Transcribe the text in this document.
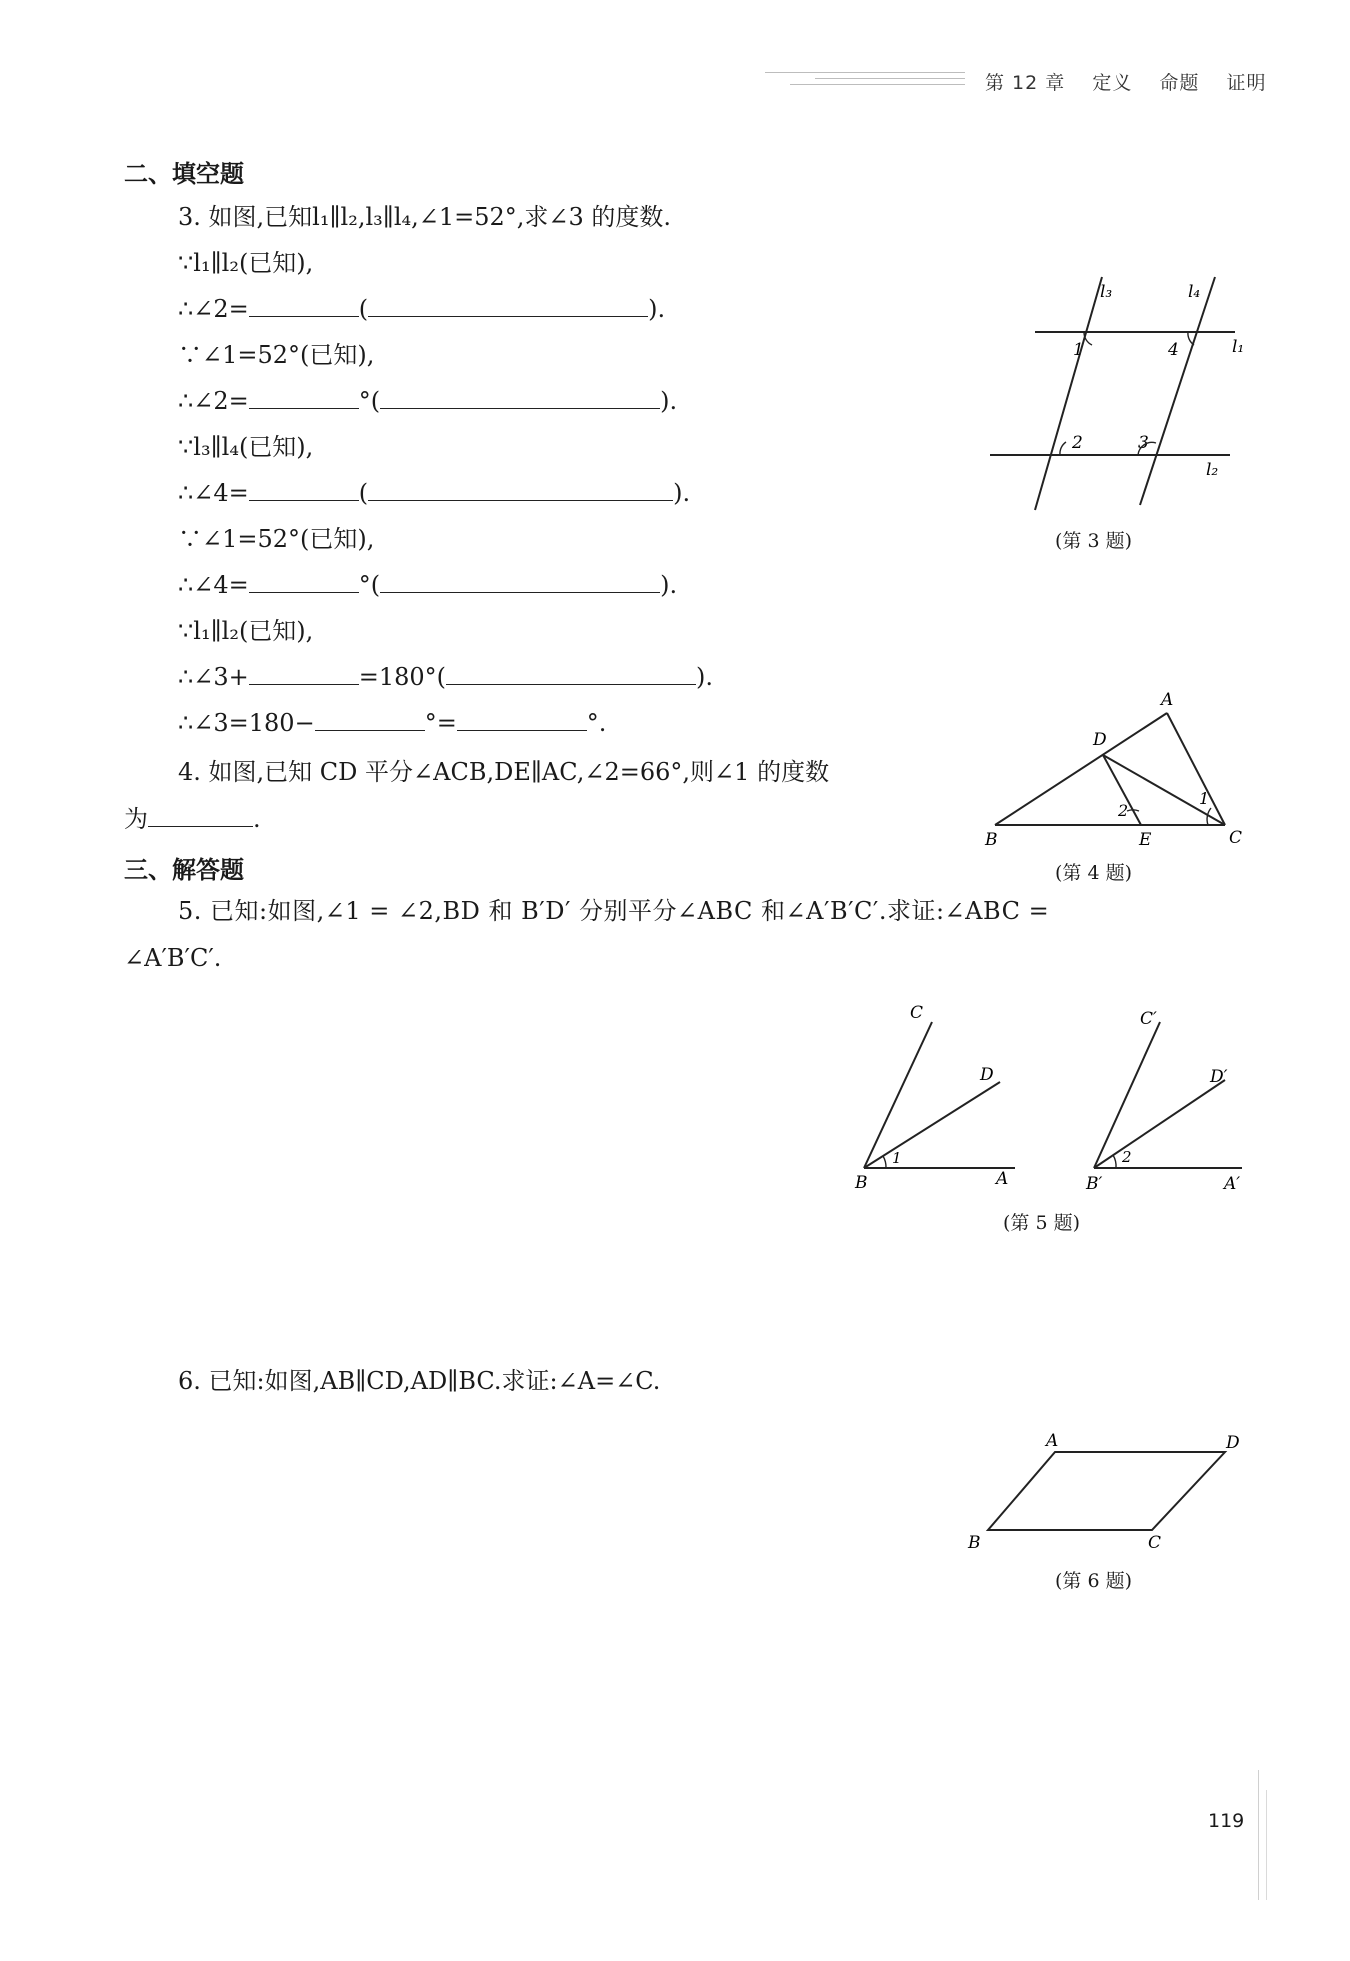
第 12 章 定义 命题 证明
二、填空题
3. 如图,已知l₁∥l₂,l₃∥l₄,∠1=52°,求∠3 的度数.
∵l₁∥l₂(已知),
∴∠2=	(	).
∵∠1=52°(已知),
∴∠2=	°(	).
∵l₃∥l₄(已知),
∴∠4=	(	).
∵∠1=52°(已知),
∴∠4=	°(	).
∵l₁∥l₂(已知),
∴∠3+	=180°(	).
∴∠3=180−	°=	°.
l₃	l₄
l₁
l₂
1	4
2	3
(第 3 题)
4. 如图,已知 CD 平分∠ACB,DE∥AC,∠2=66°,则∠1 的度数
为	.
A
D
B	E	C
1
2
(第 4 题)
三、解答题
5. 已知:如图,∠1 = ∠2,BD 和 B′D′ 分别平分∠ABC 和∠A′B′C′.求证:∠ABC =
∠A′B′C′.
C
D
B	A
1
C′
D′
B′	A′
2
(第 5 题)
6. 已知:如图,AB∥CD,AD∥BC.求证:∠A=∠C.
A	D
B	C
(第 6 题)
119
